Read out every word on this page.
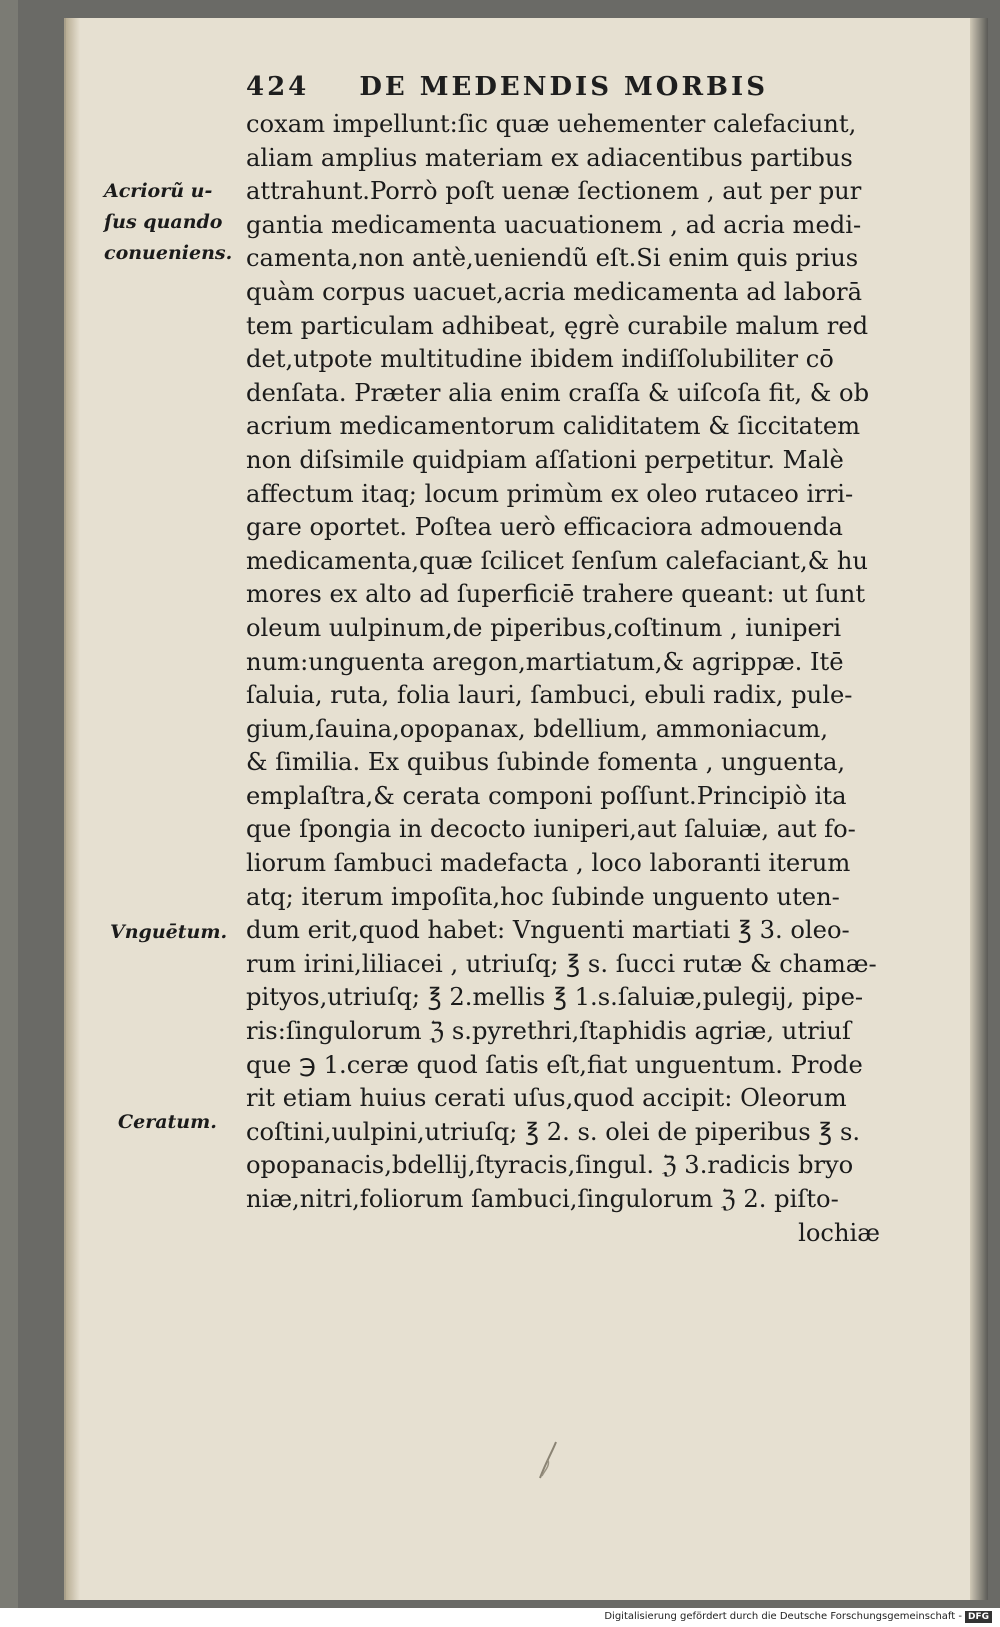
424 DE MEDENDIS MORBIS
Acriorũ u-
ſus quando
conueniens.
Vnguētum.
Ceratum.
coxam impellunt:ſic quæ uehementer calefaciunt,
aliam amplius materiam ex adiacentibus partibus
attrahunt.Porrò poſt uenæ ſectionem , aut per pur
gantia medicamenta uacuationem , ad acria medi-
camenta,non antè,ueniendũ eſt.Si enim quis prius
quàm corpus uacuet,acria medicamenta ad laborā
tem particulam adhibeat, ęgrè curabile malum red
det,utpote multitudine ibidem indiſſolubiliter cō
denſata. Præter alia enim craſſa & uiſcoſa fit, & ob
acrium medicamentorum caliditatem & ſiccitatem
non diſsimile quidpiam aſſationi perpetitur. Malè
affectum itaq; locum primùm ex oleo rutaceo irri-
gare oportet. Poſtea uerò efficaciora admouenda
medicamenta,quæ ſcilicet ſenſum calefaciant,& hu
mores ex alto ad ſuperficiē trahere queant: ut ſunt
oleum uulpinum,de piperibus,coſtinum , iuniperi
num:unguenta aregon,martiatum,& agrippæ. Itē
ſaluia, ruta, folia lauri, ſambuci, ebuli radix, pule-
gium,ſauina,opopanax, bdellium, ammoniacum,
& ſimilia. Ex quibus ſubinde fomenta , unguenta,
emplaſtra,& cerata componi poſſunt.Principiò ita
que ſpongia in decocto iuniperi,aut ſaluiæ, aut fo-
liorum ſambuci madefacta , loco laboranti iterum
atq; iterum impoſita,hoc ſubinde unguento uten-
dum erit,quod habet: Vnguenti martiati ℥ 3. oleo-
rum irini,liliacei , utriuſq; ℥ s. ſucci rutæ & chamæ-
pityos,utriuſq; ℥ 2.mellis ℥ 1.s.ſaluiæ,pulegij, pipe-
ris:ſingulorum ℨ s.pyrethri,ſtaphidis agriæ, utriuſ
que ℈ 1.ceræ quod ſatis eſt,fiat unguentum. Prode
rit etiam huius cerati uſus,quod accipit: Oleorum
coſtini,uulpini,utriuſq; ℥ 2. s. olei de piperibus ℥ s.
opopanacis,bdellij,ſtyracis,ſingul. ℨ 3.radicis bryo
niæ,nitri,foliorum ſambuci,ſingulorum ℨ 2. piſto-
lochiæ
Digitalisierung gefördert durch die Deutsche Forschungsgemeinschaft - DFG
